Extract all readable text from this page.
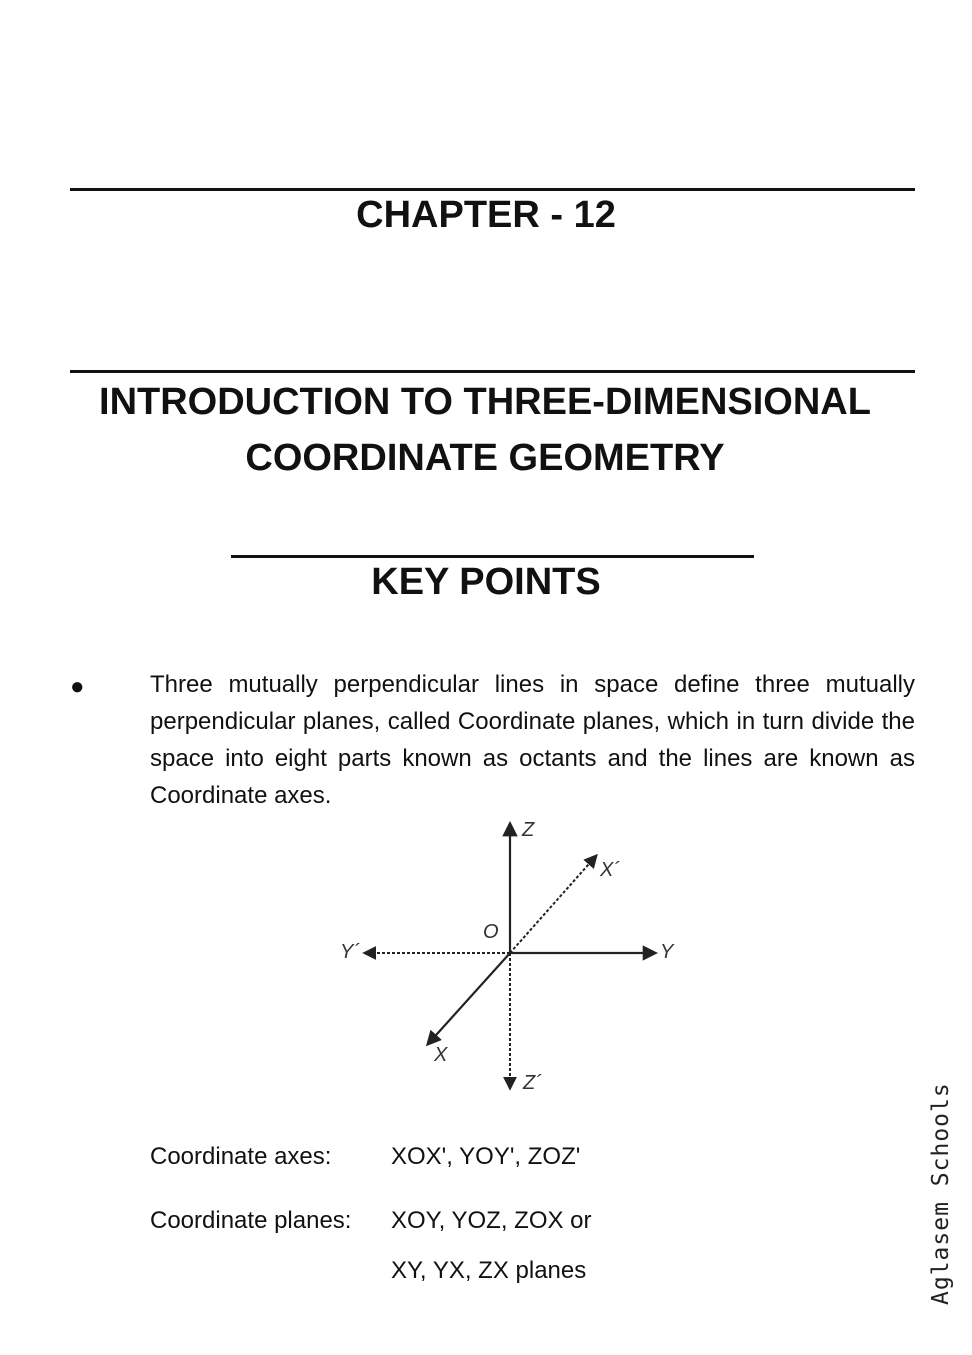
CHAPTER - 12
INTRODUCTION TO THREE-DIMENSIONAL
COORDINATE GEOMETRY
KEY POINTS
●	Three mutually perpendicular lines in space define three mutually perpendicular planes, called Coordinate planes, which in turn divide the space into eight parts known as octants and the lines are known as Coordinate axes.
Z
X´
O
Y´	Y
X
Z´
Coordinate axes: XOX', YOY', ZOZ'
Coordinate planes: XOY, YOZ, ZOX or
XY, YX, ZX planes	Aglasem Schools
